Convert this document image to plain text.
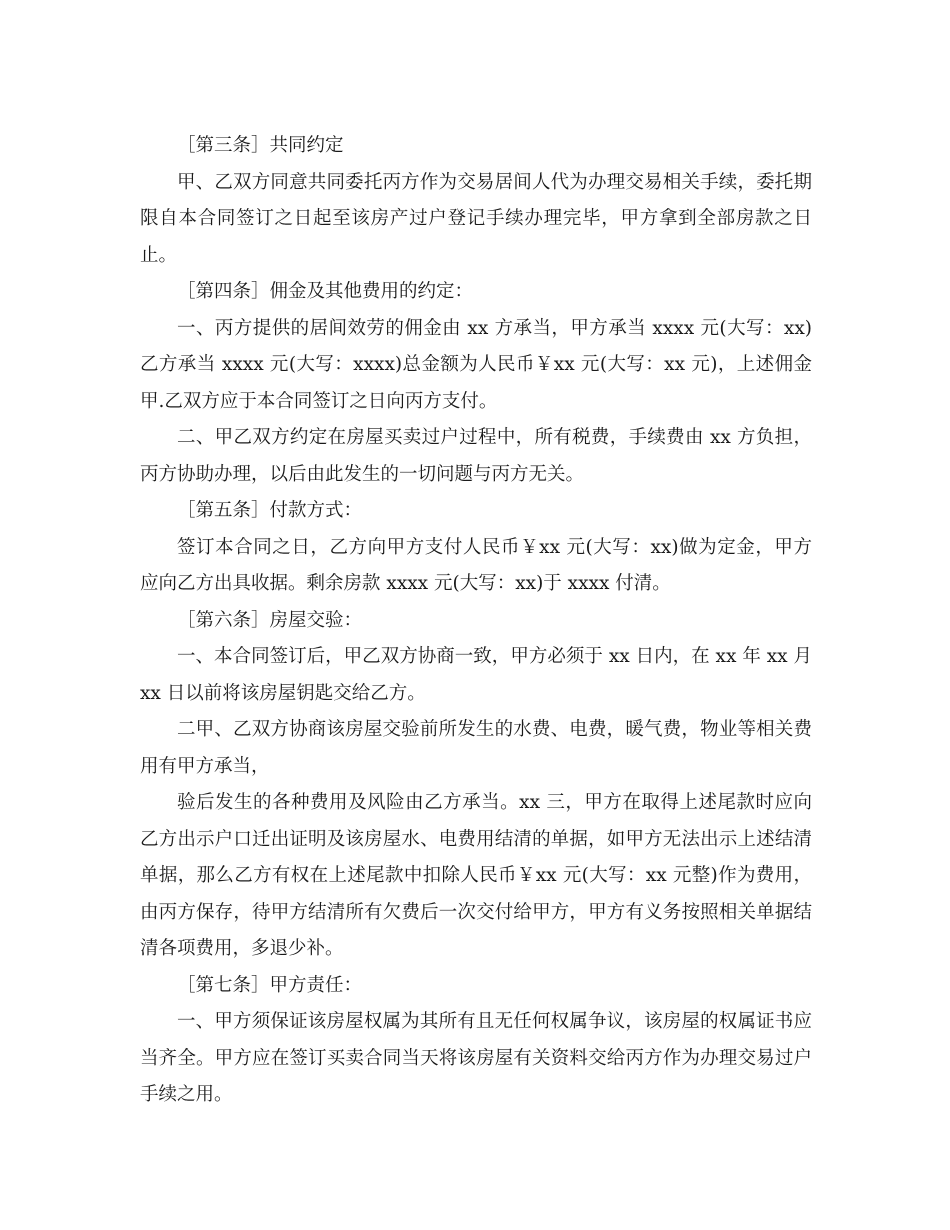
［第三条］共同约定

甲、乙双方同意共同委托丙方作为交易居间人代为办理交易相关手续，委托期限自本合同签订之日起至该房产过户登记手续办理完毕，甲方拿到全部房款之日止。

［第四条］佣金及其他费用的约定：

一、丙方提供的居间效劳的佣金由 xx 方承当，甲方承当 xxxx 元(大写：xx)乙方承当 xxxx 元(大写：xxxx)总金额为人民币￥xx 元(大写：xx 元)，上述佣金甲.乙双方应于本合同签订之日向丙方支付。

二、甲乙双方约定在房屋买卖过户过程中，所有税费，手续费由 xx 方负担，丙方协助办理，以后由此发生的一切问题与丙方无关。

［第五条］付款方式：

签订本合同之日，乙方向甲方支付人民币￥xx 元(大写：xx)做为定金，甲方应向乙方出具收据。剩余房款 xxxx 元(大写：xx)于 xxxx 付清。

［第六条］房屋交验：

一、本合同签订后，甲乙双方协商一致，甲方必须于 xx 日内，在 xx 年 xx 月 xx 日以前将该房屋钥匙交给乙方。

二甲、乙双方协商该房屋交验前所发生的水费、电费，暖气费，物业等相关费用有甲方承当，

验后发生的各种费用及风险由乙方承当。xx 三，甲方在取得上述尾款时应向乙方出示户口迁出证明及该房屋水、电费用结清的单据，如甲方无法出示上述结清单据，那么乙方有权在上述尾款中扣除人民币￥xx 元(大写：xx 元整)作为费用，由丙方保存，待甲方结清所有欠费后一次交付给甲方，甲方有义务按照相关单据结清各项费用，多退少补。

［第七条］甲方责任：

一、甲方须保证该房屋权属为其所有且无任何权属争议，该房屋的权属证书应当齐全。甲方应在签订买卖合同当天将该房屋有关资料交给丙方作为办理交易过户手续之用。
